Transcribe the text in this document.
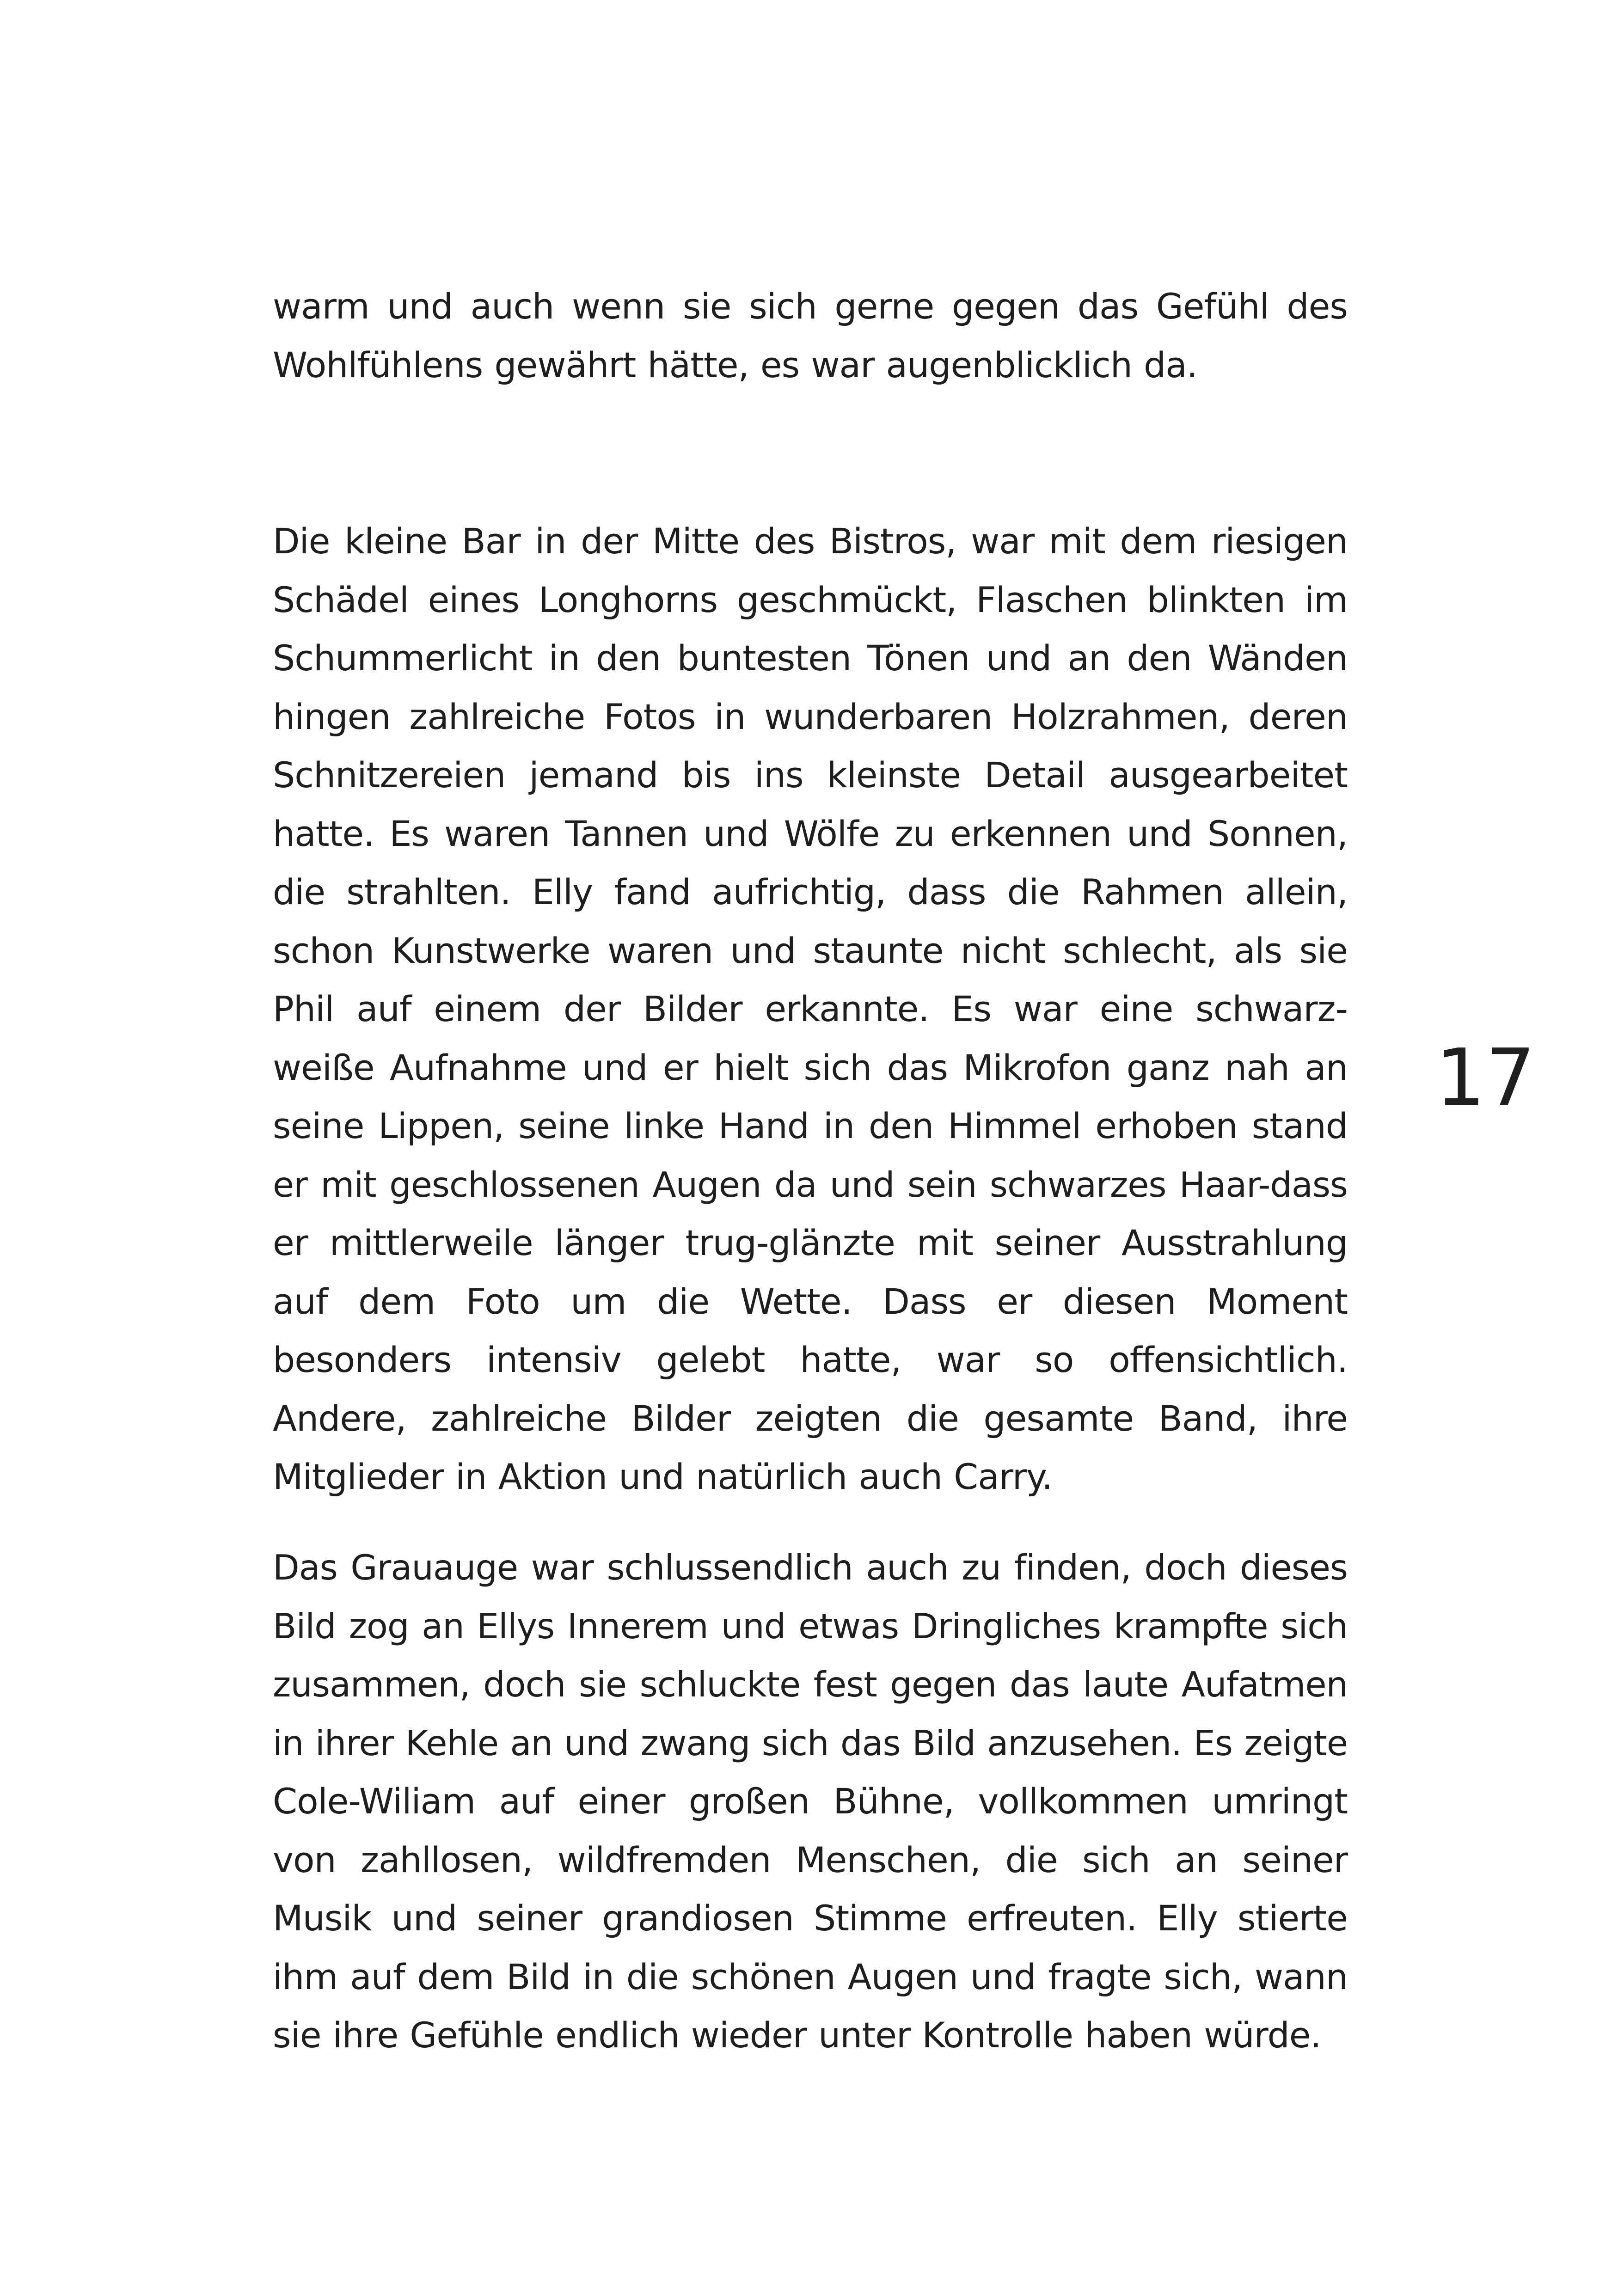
warm und auch wenn sie sich gerne gegen das Gefühl des
Wohlfühlens gewährt hätte, es war augenblicklich da.
Die kleine Bar in der Mitte des Bistros, war mit dem riesigen
Schädel eines Longhorns geschmückt, Flaschen blinkten im
Schummerlicht in den buntesten Tönen und an den Wänden
hingen zahlreiche Fotos in wunderbaren Holzrahmen, deren
Schnitzereien jemand bis ins kleinste Detail ausgearbeitet
hatte. Es waren Tannen und Wölfe zu erkennen und Sonnen,
die strahlten. Elly fand aufrichtig, dass die Rahmen allein,
schon Kunstwerke waren und staunte nicht schlecht, als sie
Phil auf einem der Bilder erkannte. Es war eine schwarz-
weiße Aufnahme und er hielt sich das Mikrofon ganz nah an
seine Lippen, seine linke Hand in den Himmel erhoben stand
er mit geschlossenen Augen da und sein schwarzes Haar-dass
er mittlerweile länger trug-glänzte mit seiner Ausstrahlung
auf dem Foto um die Wette. Dass er diesen Moment
besonders intensiv gelebt hatte, war so offensichtlich.
Andere, zahlreiche Bilder zeigten die gesamte Band, ihre
Mitglieder in Aktion und natürlich auch Carry.
Das Grauauge war schlussendlich auch zu finden, doch dieses
Bild zog an Ellys Innerem und etwas Dringliches krampfte sich
zusammen, doch sie schluckte fest gegen das laute Aufatmen
in ihrer Kehle an und zwang sich das Bild anzusehen. Es zeigte
Cole-Wiliam auf einer großen Bühne, vollkommen umringt
von zahllosen, wildfremden Menschen, die sich an seiner
Musik und seiner grandiosen Stimme erfreuten. Elly stierte
ihm auf dem Bild in die schönen Augen und fragte sich, wann
sie ihre Gefühle endlich wieder unter Kontrolle haben würde.
17
